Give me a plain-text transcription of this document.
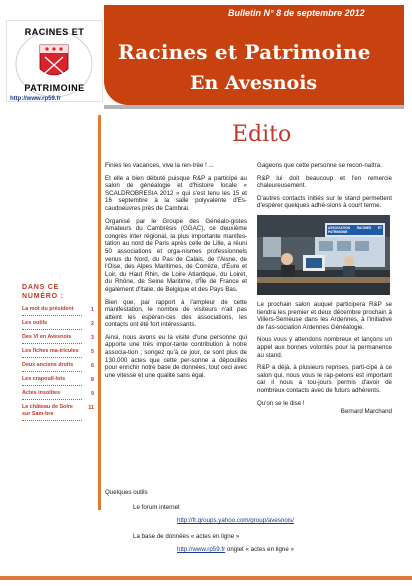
Bulletin N° 8 de septembre 2012
Racines et Patrimoine
En Avesnois
RACINES ET
PATRIMOINE
http://www.rp59.fr
Edito
DANS CE
NUMÉRO :
La mot du président	1
Les outils	2
Des Vi en Avesnois	3
Les fiches ma-tricules 5
Deux anciens droits	6
Les crapouil-lots	8
Actes insolites	9
Le château de Solre sur Sam-bre
11

Finies les vacances, vive la ren-trée ! ...

Et elle a bien débuté puisque R&P a participé au salon de généalogie et d'histoire locale « SCALDROBRESIA 2012 » qui s'est tenu les 15 et 16 septembre à la salle polyvalente d'Es-caudoeuvres près de Cambrai.

Organisé par le Groupe des Généalo-gistes Amateurs du Cambrésis (GGAC), ce deuxième congrès inter régional, la plus importante manifes-tation au nord de Paris après celle de Lille, a réuni 50 associations et orga-nismes professionnels venus du Nord, du Pas de Calais, de l'Aisne, de l'Oise, des Alpes Maritimes, de Corrèze, d'Eure et Loir, du Haut Rhin, de Loire Atlantique, du Loiret, du Rhône, de Seine Maritime, d'Île de France et également d'Italie, de Belgique et des Pays Bas.

Bien que, par rapport à l'ampleur de cette manifestation, le nombre de visiteurs n'ait pas atteint les espéran-ces des associations, les contacts ont été fort intéressants.

Ainsi, nous avons eu la visite d'une personne qui apporte une très impor-tante contribution à notre associa-tion ; songez qu'à ce jour, ce sont plus de 130.000 actes que cette per-sonne a dépouillés pour enrichir notre base de données, tout ceci avec une vitesse et une qualité sans égal.

Gageons que cette personne se recon-naîtra.

R&P lui doit beaucoup et l'en remercie chaleureusement.

D'autres contacts initiés sur le stand permettent d'espérer quelques adhé-sions à court terme.

ASSOCIATION RACINES ET PATRIMOINE

Le prochain salon auquel participera R&P se tiendra les premier et deux décembre prochain à Villers-Semeuse dans les Ardennes, à l'initiative de l'as-sociation Ardennes Généalogie.

Nous vous y attendons nombreux et lançons un appel aux bonnes volontés pour la permanence au stand.

R&P a déjà, à plusieurs reprises, parti-cipé à ce salon qui, nous vous le rap-pelons est important car il nous a tou-jours permis d'avoir de nombreux contacts avec de futurs adhérents.

Qu'on se le dise !

Bernard Marchand

Quelques outils
Le forum internet
http://fr.groups.yahoo.com/group/avesnois/
La base de données « actes en ligne »
http://www.rp59.fr onglet « actes en ligne »
